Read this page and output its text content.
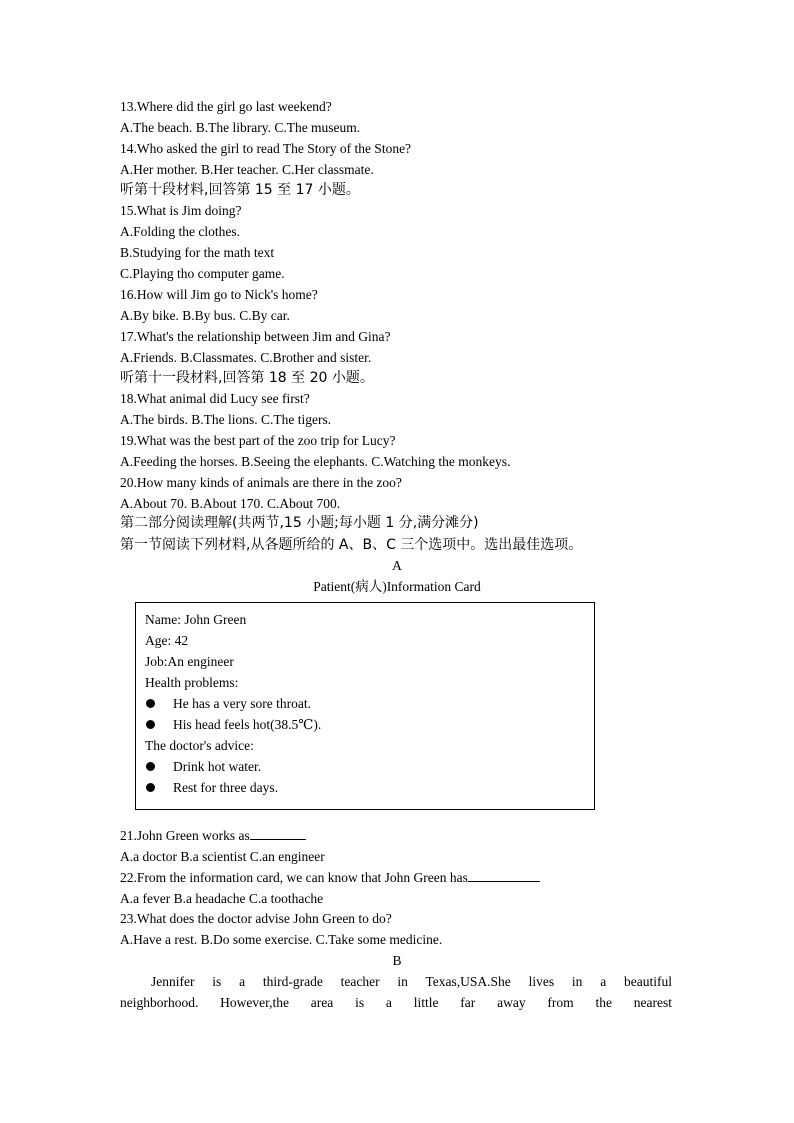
13.Where did the girl go last weekend?
A.The beach. B.The library. C.The museum.
14.Who asked the girl to read The Story of the Stone?
A.Her mother. B.Her teacher. C.Her classmate.
听第十段材料,回答第 15 至 17 小题。
15.What is Jim doing?
A.Folding the clothes.
B.Studying for the math text
C.Playing tho computer game.
16.How will Jim go to Nick's home?
A.By bike. B.By bus. C.By car.
17.What's the relationship between Jim and Gina?
A.Friends. B.Classmates. C.Brother and sister.
听第十一段材料,回答第 18 至 20 小题。
18.What animal did Lucy see first?
A.The birds. B.The lions. C.The tigers.
19.What was the best part of the zoo trip for Lucy?
A.Feeding the horses. B.Seeing the elephants. C.Watching the monkeys.
20.How many kinds of animals are there in the zoo?
A.About 70. B.About 170. C.About 700.
第二部分阅读理解(共两节,15 小题;每小题 1 分,满分滩分)
第一节阅读下列材料,从各题所给的 A、B、C 三个选项中。选出最佳选项。
A
Patient(病人)Information Card
Name: John Green
Age: 42
Job:An engineer
Health problems:
He has a very sore throat.
His head feels hot(38.5℃).
The doctor's advice:
Drink hot water.
Rest for three days.
21.John Green works as
A.a doctor B.a scientist C.an engineer
22.From the information card, we can know that John Green has
A.a fever B.a headache C.a toothache
23.What does the doctor advise John Green to do?
A.Have a rest. B.Do some exercise. C.Take some medicine.
B
Jennifer is a third-grade teacher in Texas,USA.She lives in a beautiful
neighborhood. However,the area is a little far away from the nearest
